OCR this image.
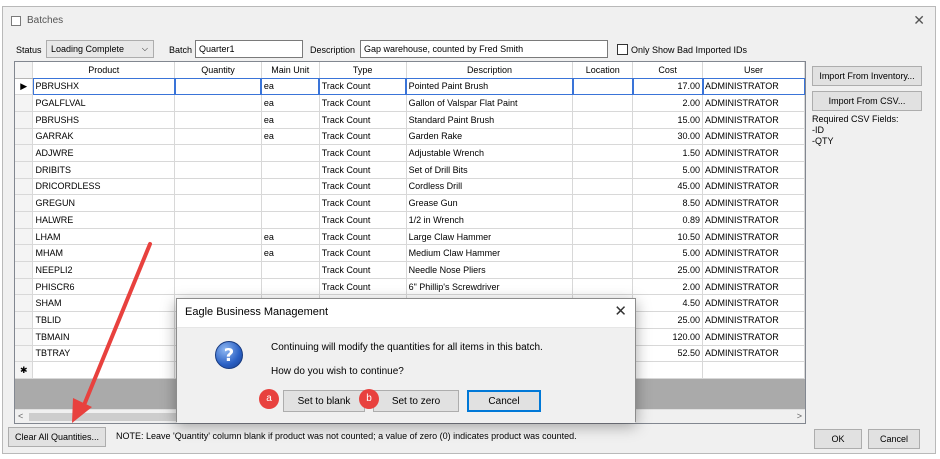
Batches	✕
Status	Loading Complete ⌵ Batch Quarter1	Description Gap warehouse, counted by Fred Smith	Only Show Bad Imported IDs
	Product	Quantity	Main Unit	Type	Description	Location	Cost	User
▶	PBRUSHX		ea	Track Count	Pointed Paint Brush		17.00	ADMINISTRATOR
	PGALFLVAL		ea	Track Count	Gallon of Valspar Flat Paint		2.00	ADMINISTRATOR
	PBRUSHS		ea	Track Count	Standard Paint Brush		15.00	ADMINISTRATOR
	GARRAK		ea	Track Count	Garden Rake		30.00	ADMINISTRATOR
	ADJWRE			Track Count	Adjustable Wrench		1.50	ADMINISTRATOR
	DRIBITS			Track Count	Set of Drill Bits		5.00	ADMINISTRATOR
	DRICORDLESS			Track Count	Cordless Drill		45.00	ADMINISTRATOR
	GREGUN			Track Count	Grease Gun		8.50	ADMINISTRATOR
	HALWRE			Track Count	1/2 in Wrench		0.89	ADMINISTRATOR
	LHAM		ea	Track Count	Large Claw Hammer		10.50	ADMINISTRATOR
	MHAM		ea	Track Count	Medium Claw Hammer		5.00	ADMINISTRATOR
	NEEPLI2			Track Count	Needle Nose Pliers		25.00	ADMINISTRATOR
	PHISCR6			Track Count	6" Phillip's Screwdriver		2.00	ADMINISTRATOR
	SHAM						4.50	ADMINISTRATOR
	TBLID						25.00	ADMINISTRATOR
	TBMAIN						120.00	ADMINISTRATOR
	TBTRAY						52.50	ADMINISTRATOR
✱								
<	>
Import From Inventory...
Import From CSV...
Required CSV Fields:
-ID
-QTY
Clear All Quantities...	NOTE: Leave 'Quantity' column blank if product was not counted; a value of zero (0) indicates product was counted.	OK	Cancel
Eagle Business Management	✕
?	Continuing will modify the quantities for all items in this batch.
How do you wish to continue?
Set to blank	Set to zero	Cancel
a	b
